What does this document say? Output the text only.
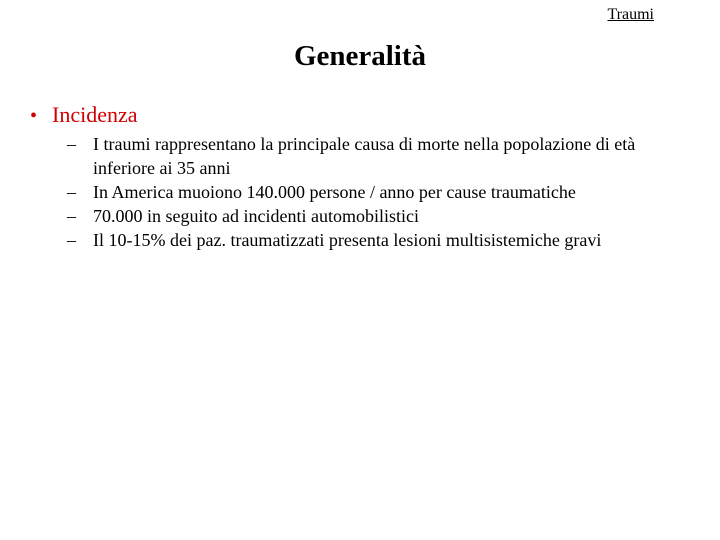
Traumi
Generalità
• Incidenza
– I traumi rappresentano la principale causa di morte nella popolazione di età inferiore ai 35 anni
– In America muoiono 140.000 persone / anno per cause traumatiche
– 70.000 in seguito ad incidenti automobilistici
– Il 10-15% dei paz. traumatizzati presenta lesioni multisistemiche gravi
